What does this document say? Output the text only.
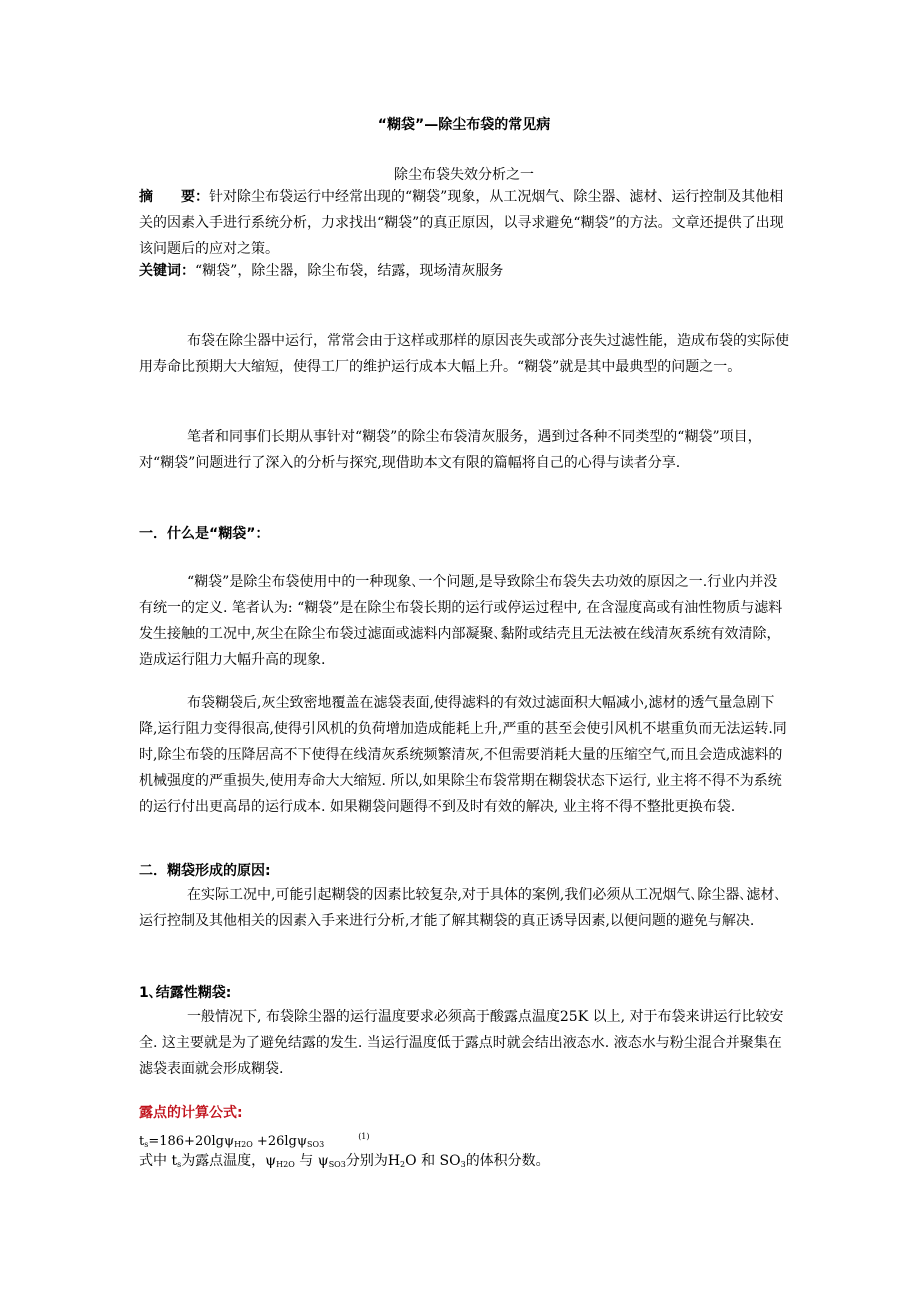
“糊袋”—除尘布袋的常见病

除尘布袋失效分析之一

摘　　要：针对除尘布袋运行中经常出现的“糊袋”现象，从工况烟气、除尘器、滤材、运行控制及其他相关的因素入手进行系统分析，力求找出“糊袋”的真正原因，以寻求避免“糊袋”的方法。文章还提供了出现该问题后的应对之策。

关键词：“糊袋”，除尘器，除尘布袋，结露，现场清灰服务

布袋在除尘器中运行，常常会由于这样或那样的原因丧失或部分丧失过滤性能，造成布袋的实际使用寿命比预期大大缩短，使得工厂的维护运行成本大幅上升。“糊袋”就是其中最典型的问题之一。

笔者和同事们长期从事针对“糊袋”的除尘布袋清灰服务，遇到过各种不同类型的“糊袋”项目，对“糊袋”问题进行了深入的分析与探究,现借助本文有限的篇幅将自己的心得与读者分享.

一．什么是“糊袋”：

“糊袋”是除尘布袋使用中的一种现象､一个问题,是导致除尘布袋失去功效的原因之一.行业内并没有统一的定义. 笔者认为: “糊袋”是在除尘布袋长期的运行或停运过程中, 在含湿度高或有油性物质与滤料发生接触的工况中,灰尘在除尘布袋过滤面或滤料内部凝聚､黏附或结壳且无法被在线清灰系统有效清除，造成运行阻力大幅升高的现象.

布袋糊袋后,灰尘致密地覆盖在滤袋表面,使得滤料的有效过滤面积大幅减小,滤材的透气量急剧下降,运行阻力变得很高,使得引风机的负荷增加造成能耗上升,严重的甚至会使引风机不堪重负而无法运转.同时,除尘布袋的压降居高不下使得在线清灰系统频繁清灰,不但需要消耗大量的压缩空气,而且会造成滤料的机械强度的严重损失,使用寿命大大缩短. 所以,如果除尘布袋常期在糊袋状态下运行, 业主将不得不为系统的运行付出更高昂的运行成本. 如果糊袋问题得不到及时有效的解决, 业主将不得不整批更换布袋.

二．糊袋形成的原因:

在实际工况中,可能引起糊袋的因素比较复杂,对于具体的案例,我们必须从工况烟气､除尘器､滤材､运行控制及其他相关的因素入手来进行分析,才能了解其糊袋的真正诱导因素,以便问题的避免与解决.

1､结露性糊袋:

一般情况下, 布袋除尘器的运行温度要求必须高于酸露点温度25K 以上, 对于布袋来讲运行比较安全. 这主要就是为了避免结露的发生. 当运行温度低于露点时就会结出液态水. 液态水与粉尘混合并聚集在滤袋表面就会形成糊袋.

露点的计算公式:

$t_s=186+20\lg\psi_{H2O} +26\lg\psi_{SO3}^{(1)}$

式中 $t_s$为露点温度，$\psi_{H2O}$ 与 $\psi_{SO3}$分别为$H_2O$ 和 $SO_3$的体积分数。
